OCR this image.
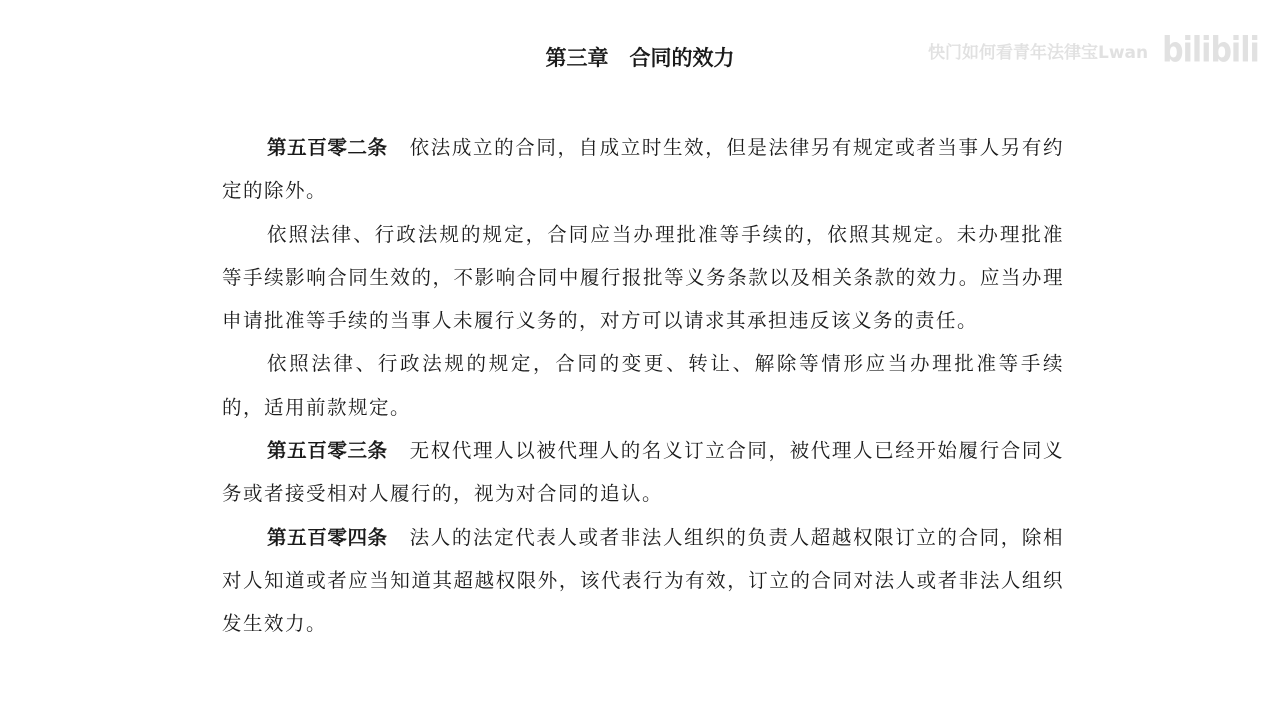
第三章　合同的效力	快门如何看青年法律宝Lwan bilibili

第五百零二条 依法成立的合同，自成立时生效，但是法律另有规定或者当事人另有约定的除外。

依照法律、行政法规的规定，合同应当办理批准等手续的，依照其规定。未办理批准等手续影响合同生效的，不影响合同中履行报批等义务条款以及相关条款的效力。应当办理申请批准等手续的当事人未履行义务的，对方可以请求其承担违反该义务的责任。

依照法律、行政法规的规定，合同的变更、转让、解除等情形应当办理批准等手续的，适用前款规定。

第五百零三条 无权代理人以被代理人的名义订立合同，被代理人已经开始履行合同义务或者接受相对人履行的，视为对合同的追认。

第五百零四条 法人的法定代表人或者非法人组织的负责人超越权限订立的合同，除相对人知道或者应当知道其超越权限外，该代表行为有效，订立的合同对法人或者非法人组织发生效力。
